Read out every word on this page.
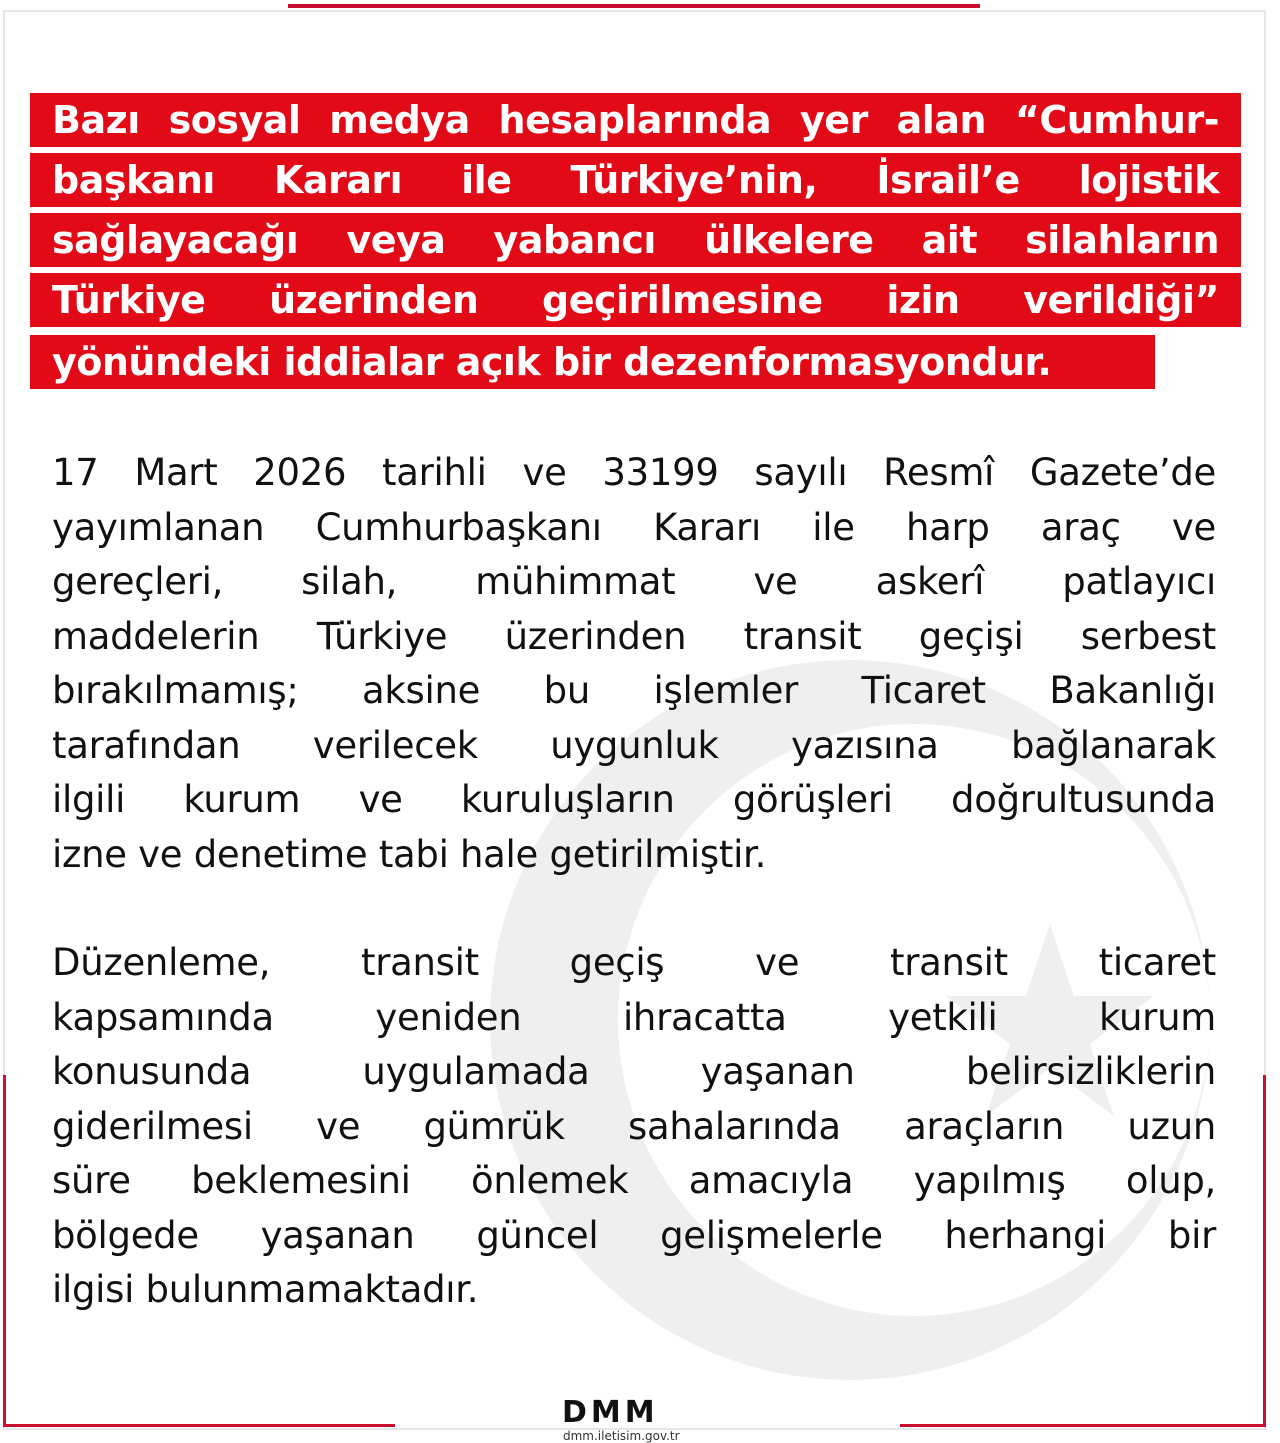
Bazı sosyal medya hesaplarında yer alan “Cumhur-
başkanı Kararı ile Türkiye’nin, İsrail’e lojistik
sağlayacağı veya yabancı ülkelere ait silahların
Türkiye üzerinden geçirilmesine izin verildiği”
yönündeki iddialar açık bir dezenformasyondur.
17 Mart 2026 tarihli ve 33199 sayılı Resmî Gazete’de
yayımlanan Cumhurbaşkanı Kararı ile harp araç ve
gereçleri, silah, mühimmat ve askerî patlayıcı
maddelerin Türkiye üzerinden transit geçişi serbest
bırakılmamış; aksine bu işlemler Ticaret Bakanlığı
tarafından verilecek uygunluk yazısına bağlanarak
ilgili kurum ve kuruluşların görüşleri doğrultusunda
izne ve denetime tabi hale getirilmiştir.
Düzenleme, transit geçiş ve transit ticaret
kapsamında yeniden ihracatta yetkili kurum
konusunda uygulamada yaşanan belirsizliklerin
giderilmesi ve gümrük sahalarında araçların uzun
süre beklemesini önlemek amacıyla yapılmış olup,
bölgede yaşanan güncel gelişmelerle herhangi bir
ilgisi bulunmamaktadır.
DMM
dmm.iletisim.gov.tr
